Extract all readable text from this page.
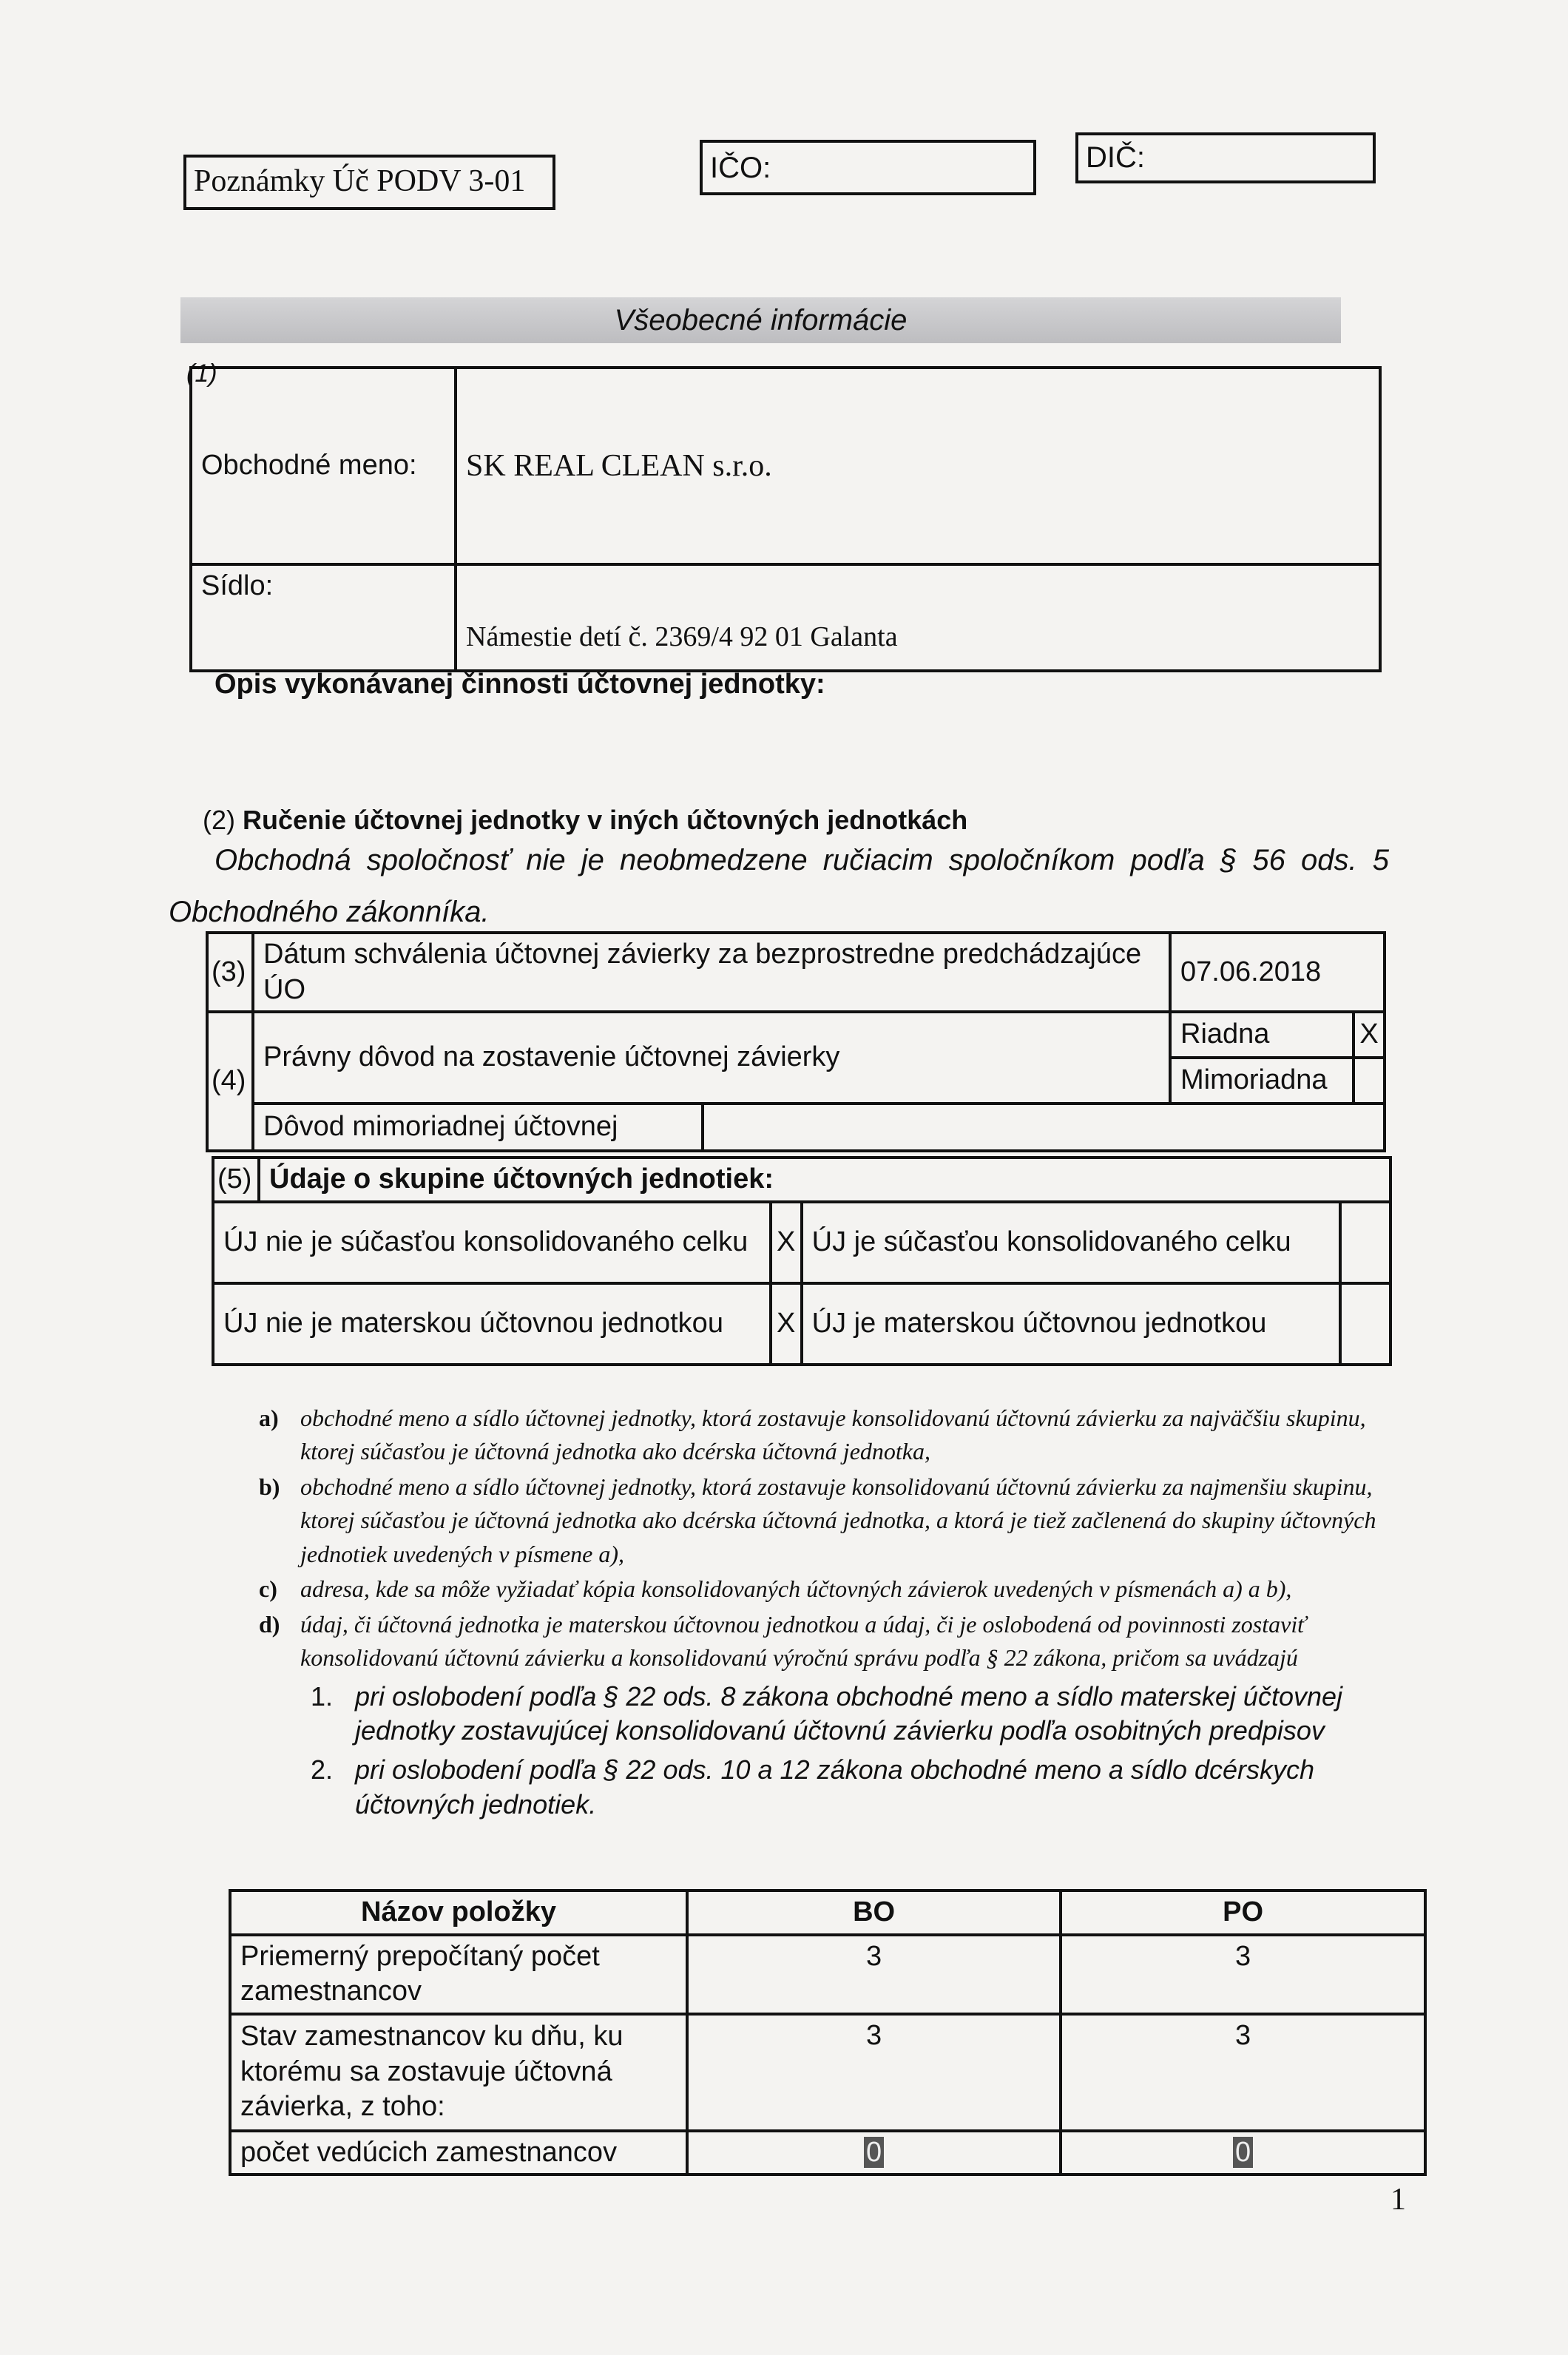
Poznámky Úč PODV 3-01	IČO:	DIČ:
Všeobecné informácie
(1)
Obchodné meno:	SK REAL CLEAN s.r.o.
Sídlo:	Námestie detí č. 2369/4 92 01 Galanta
Opis vykonávanej činnosti účtovnej jednotky:
(2) Ručenie účtovnej jednotky v iných účtovných jednotkách
Obchodná spoločnosť nie je neobmedzene ručiacim spoločníkom podľa § 56 ods. 5 Obchodného zákonníka.
(3)	Dátum schválenia účtovnej závierky za bezprostredne predchádzajúce ÚO		07.06.2018	
(4)	Právny dôvod na zostavenie účtovnej závierky		Riadna	X
			Mimoriadna	
	Dôvod mimoriadnej účtovnej			
(5)	Údaje o skupine účtovných jednotiek:			
ÚJ nie je súčasťou konsolidovaného celku		X	ÚJ je súčasťou konsolidovaného celku	
ÚJ nie je materskou účtovnou jednotkou		X	ÚJ je materskou účtovnou jednotkou	
a) obchodné meno a sídlo účtovnej jednotky, ktorá zostavuje konsolidovanú účtovnú závierku za najväčšiu skupinu, ktorej súčasťou je účtovná jednotka ako dcérska účtovná jednotka,
b) obchodné meno a sídlo účtovnej jednotky, ktorá zostavuje konsolidovanú účtovnú závierku za najmenšiu skupinu, ktorej súčasťou je účtovná jednotka ako dcérska účtovná jednotka, a ktorá je tiež začlenená do skupiny účtovných jednotiek uvedených v písmene a),
c) adresa, kde sa môže vyžiadať kópia konsolidovaných účtovných závierok uvedených v písmenách a) a b),
d) údaj, či účtovná jednotka je materskou účtovnou jednotkou a údaj, či je oslobodená od povinnosti zostaviť konsolidovanú účtovnú závierku a konsolidovanú výročnú správu podľa § 22 zákona, pričom sa uvádzajú
1. pri oslobodení podľa § 22 ods. 8 zákona obchodné meno a sídlo materskej účtovnej jednotky zostavujúcej konsolidovanú účtovnú závierku podľa osobitných predpisov
2. pri oslobodení podľa § 22 ods. 10 a 12 zákona obchodné meno a sídlo dcérskych účtovných jednotiek.
Názov položky	BO	PO
Priemerný prepočítaný počet zamestnancov	3	3
Stav zamestnancov ku dňu, ku ktorému sa zostavuje účtovná závierka, z toho:	3	3
počet vedúcich zamestnancov	0	0
1
